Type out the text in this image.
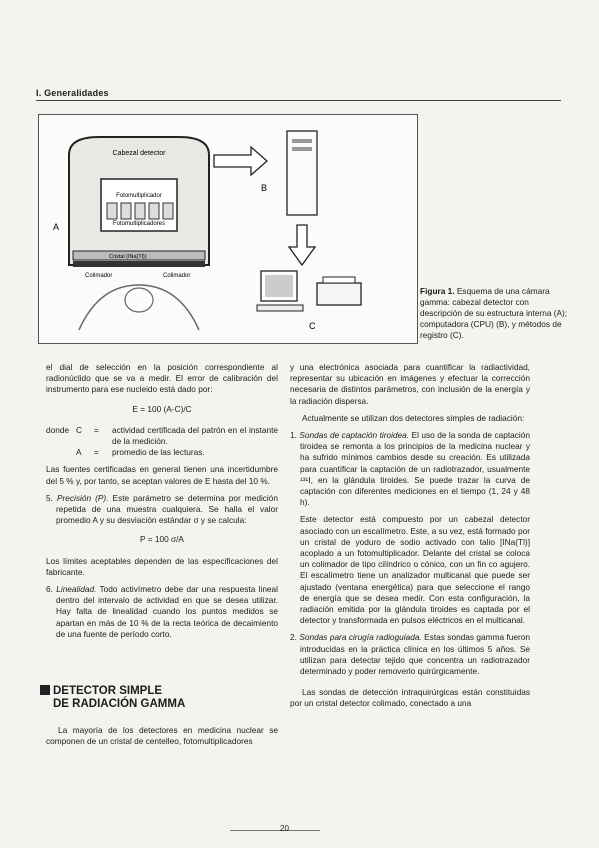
I. Generalidades
Cabezal detector
Fotomultiplicador
Fotomultiplicadores
Cristal (INa(Tl))
Colimador	Colimador
A
B
C
Figura 1. Esquema de una cámara gamma: cabezal detector con descripción de su estructura interna (A); computadora (CPU) (B), y métodos de registro (C).

el dial de selección en la posición correspondiente al radionúclido que se va a medir. El error de calibración del instrumento para ese nucleido está dado por:

E = 100 (A-C)/C
donde C	=	actividad certificada del patrón en el instante de la medición.
A	=	promedio de las lecturas.

Las fuentes certificadas en general tienen una incertidumbre del 5 % y, por tanto, se aceptan valores de E hasta del 10 %.

5. Precisión (P). Este parámetro se determina por medición repetida de una muestra cualquiera. Se halla el valor promedio A y su desviación estándar σ y se calcula:

P = 100 σ/A

Los límites aceptables dependen de las especificaciones del fabricante.

6. Linealidad. Todo activímetro debe dar una respuesta lineal dentro del intervalo de actividad en que se desea utilizar. Hay falta de linealidad cuando los puntos medidos se apartan en más de 10 % de la recta teórica de decaimiento de una fuente de período corto.

DETECTOR SIMPLE
DE RADIACIÓN GAMMA
La mayoría de los detectores en medicina nuclear se componen de un cristal de centelleo, fotomultiplicadores

y una electrónica asociada para cuantificar la radiactividad, representar su ubicación en imágenes y efectuar la corrección necesaria de distintos parámetros, con inclusión de la energía y la radiación dispersa.

Actualmente se utilizan dos detectores simples de radiación:

1. Sondas de captación tiroidea. El uso de la sonda de captación tiroidea se remonta a los principios de la medicina nuclear y ha sufrido mínimos cambios desde su creación. Es utilizada para cuantificar la captación de un radiotrazador, usualmente ¹³¹I, en la glándula tiroides. Se puede trazar la curva de captación con diferentes mediciones en el tiempo (1, 24 y 48 h).

Este detector está compuesto por un cabezal detector asociado con un escalímetro. Este, a su vez, está formado por un cristal de yoduro de sodio activado con talio [INa(Tl)] acoplado a un fotomultiplicador. Delante del cristal se coloca un colimador de tipo cilíndrico o cónico, con un fin co agujero. El escalímetro tiene un analizador multicanal que puede ser ajustado (ventana energética) para que seleccione el rango de energía que se desea medir. Con esta configuración, la radiación emitida por la glándula tiroides es captada por el detector y transformada en pulsos eléctricos en el multicanal.

2. Sondas para cirugía radioguiada. Estas sondas gamma fueron introducidas en la práctica clínica en los últimos 5 años. Se utilizan para detectar tejido que concentra un radiotrazador determinado y poder removerlo quirúrgicamente.

Las sondas de detección intraquirúrgicas están constituidas por un cristal detector colimado, conectado a una

20
